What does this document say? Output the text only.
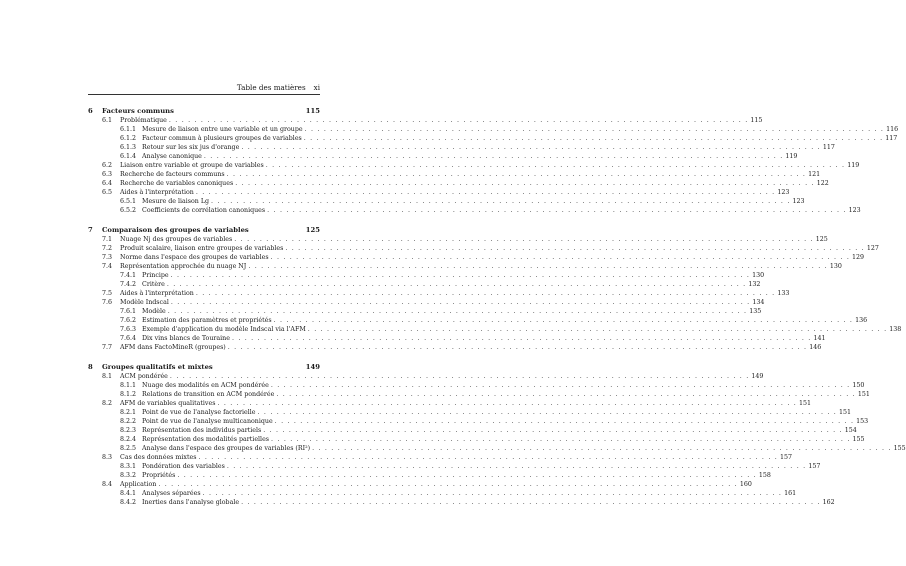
Table des matières xi
6	Facteurs communs	115
6.1	Problématique . . .	115
6.1.1 Mesure de liaison entre une variable et un groupe . . .	116
6.1.2 Facteur commun à plusieurs groupes de variables . . .	117
6.1.3 Retour sur les six jus d'orange . . .	117
6.1.4 Analyse canonique . . .	119
6.2	Liaison entre variable et groupe de variables . . .	119
6.3	Recherche de facteurs communs . . .	121
6.4	Recherche de variables canoniques . . .	122
6.5	Aides à l'interprétation . . .	123
6.5.1 Mesure de liaison Lg . . .	123
6.5.2 Coefficients de corrélation canoniques . . .	123
7	Comparaison des groupes de variables	125
7.1	Nuage Nj des groupes de variables . . .	125
7.2	Produit scalaire, liaison entre groupes de variables . . .	127
7.3	Norme dans l'espace des groupes de variables . . .	129
7.4	Représentation approchée du nuage NJ . . .	130
7.4.1 Principe . . .	130
7.4.2 Critère . . .	132
7.5	Aides à l'interprétation . . .	133
7.6	Modèle Indscal . . .	134
7.6.1 Modèle . . .	135
7.6.2 Estimation des paramètres et propriétés . . .	136
7.6.3 Exemple d'application du modèle Indscal via l'AFM . . .	138
7.6.4 Dix vins blancs de Touraine . . .	141
7.7	AFM dans FactoMineR (groupes) . . .	146
8	Groupes qualitatifs et mixtes	149
8.1	ACM pondérée . . .	149
8.1.1 Nuage des modalités en ACM pondérée . . .	150
8.1.2 Relations de transition en ACM pondérée . . .	151
8.2	AFM de variables qualitatives . . .	151
8.2.1 Point de vue de l'analyse factorielle . . .	151
8.2.2 Point de vue de l'analyse multicanonique . . .	153
8.2.3 Représentation des individus partiels . . .	154
8.2.4 Représentation des modalités partielles . . .	155
8.2.5 Analyse dans l'espace des groupes de variables (RI²) . . .	155
8.3	Cas des données mixtes . . .	157
8.3.1 Pondération des variables . . .	157
8.3.2 Propriétés . . .	158
8.4	Application . . .	160
8.4.1 Analyses séparées . . .	161
8.4.2 Inerties dans l'analyse globale . . .	162
